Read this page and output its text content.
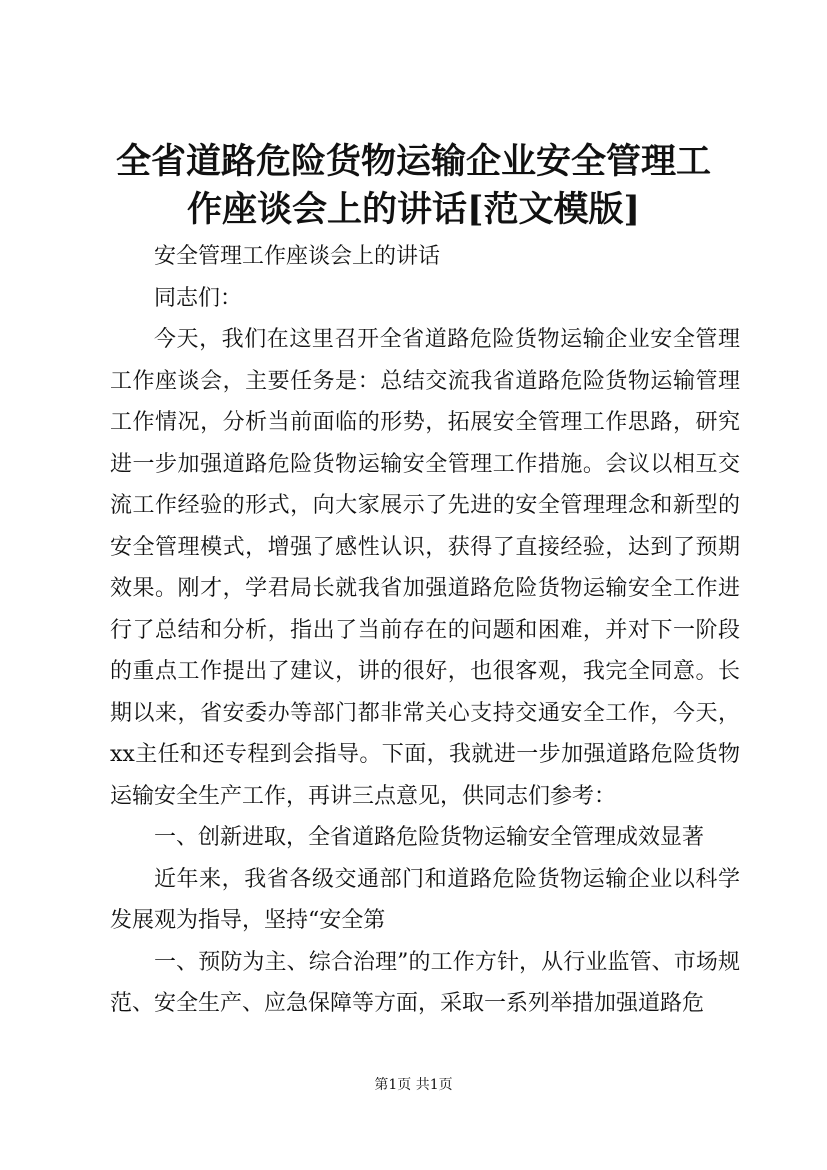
全省道路危险货物运输企业安全管理工作座谈会上的讲话[范文模版]

安全管理工作座谈会上的讲话

同志们：

今天，我们在这里召开全省道路危险货物运输企业安全管理工作座谈会，主要任务是：总结交流我省道路危险货物运输管理工作情况，分析当前面临的形势，拓展安全管理工作思路，研究进一步加强道路危险货物运输安全管理工作措施。会议以相互交流工作经验的形式，向大家展示了先进的安全管理理念和新型的安全管理模式，增强了感性认识，获得了直接经验，达到了预期效果。刚才，学君局长就我省加强道路危险货物运输安全工作进行了总结和分析，指出了当前存在的问题和困难，并对下一阶段的重点工作提出了建议，讲的很好，也很客观，我完全同意。长期以来，省安委办等部门都非常关心支持交通安全工作，今天，xx主任和还专程到会指导。下面，我就进一步加强道路危险货物运输安全生产工作，再讲三点意见，供同志们参考：

一、创新进取，全省道路危险货物运输安全管理成效显著

近年来，我省各级交通部门和道路危险货物运输企业以科学发展观为指导，坚持“安全第

一、预防为主、综合治理”的工作方针，从行业监管、市场规范、安全生产、应急保障等方面，采取一系列举措加强道路危

第1页 共1页
